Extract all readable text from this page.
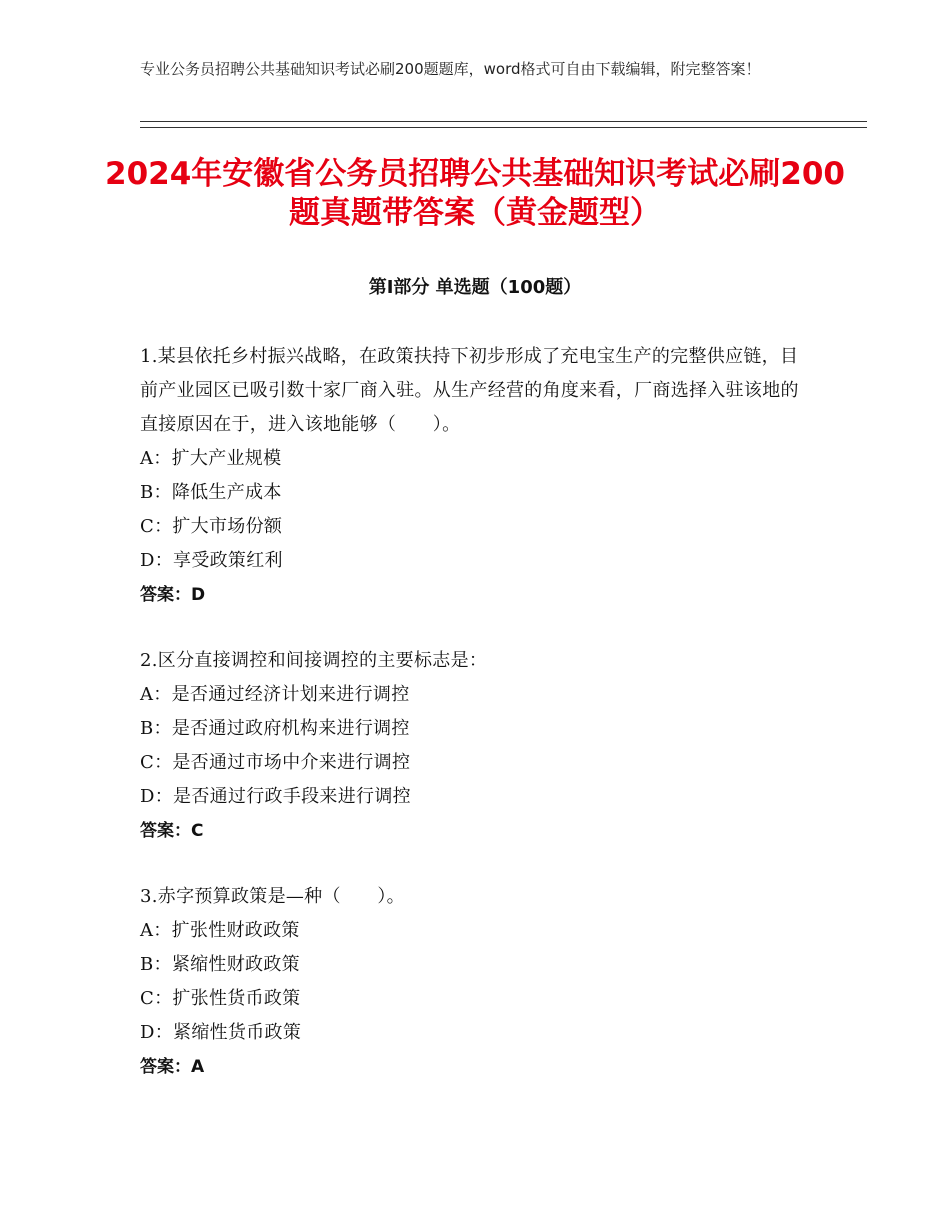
专业公务员招聘公共基础知识考试必刷200题题库，word格式可自由下载编辑，附完整答案！
2024年安徽省公务员招聘公共基础知识考试必刷200题真题带答案（黄金题型）
第Ⅰ部分 单选题（100题）
1.某县依托乡村振兴战略，在政策扶持下初步形成了充电宝生产的完整供应链，目前产业园区已吸引数十家厂商入驻。从生产经营的角度来看，厂商选择入驻该地的直接原因在于，进入该地能够（　　）。
A：扩大产业规模
B：降低生产成本
C：扩大市场份额
D：享受政策红利
答案：D
2.区分直接调控和间接调控的主要标志是：
A：是否通过经济计划来进行调控
B：是否通过政府机构来进行调控
C：是否通过市场中介来进行调控
D：是否通过行政手段来进行调控
答案：C
3.赤字预算政策是—种（　　）。
A：扩张性财政政策
B：紧缩性财政政策
C：扩张性货币政策
D：紧缩性货币政策
答案：A
